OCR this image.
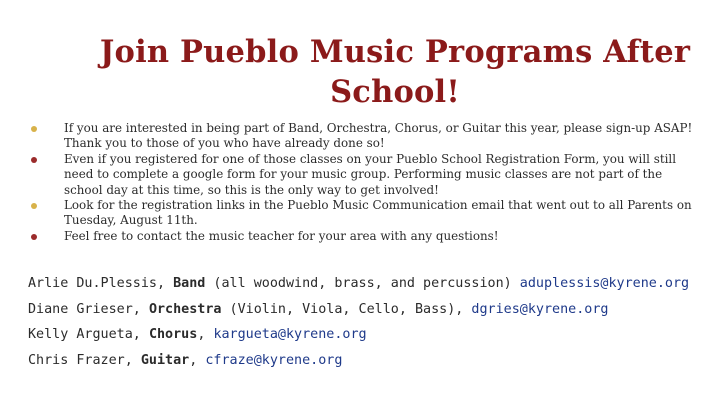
Join Pueblo Music Programs After School!
If you are interested in being part of Band, Orchestra, Chorus, or Guitar this year, please sign-up ASAP! Thank you to those of you who have already done so!
Even if you registered for one of those classes on your Pueblo School Registration Form, you will still need to complete a google form for your music group. Performing music classes are not part of the school day at this time, so this is the only way to get involved!
Look for the registration links in the Pueblo Music Communication email that went out to all Parents on Tuesday, August 11th.
Feel free to contact the music teacher for your area with any questions!
Arlie Du.Plessis, Band (all woodwind, brass, and percussion) aduplessis@kyrene.org
Diane Grieser, Orchestra (Violin, Viola, Cello, Bass), dgries@kyrene.org
Kelly Argueta, Chorus, kargueta@kyrene.org
Chris Frazer, Guitar, cfraze@kyrene.org
